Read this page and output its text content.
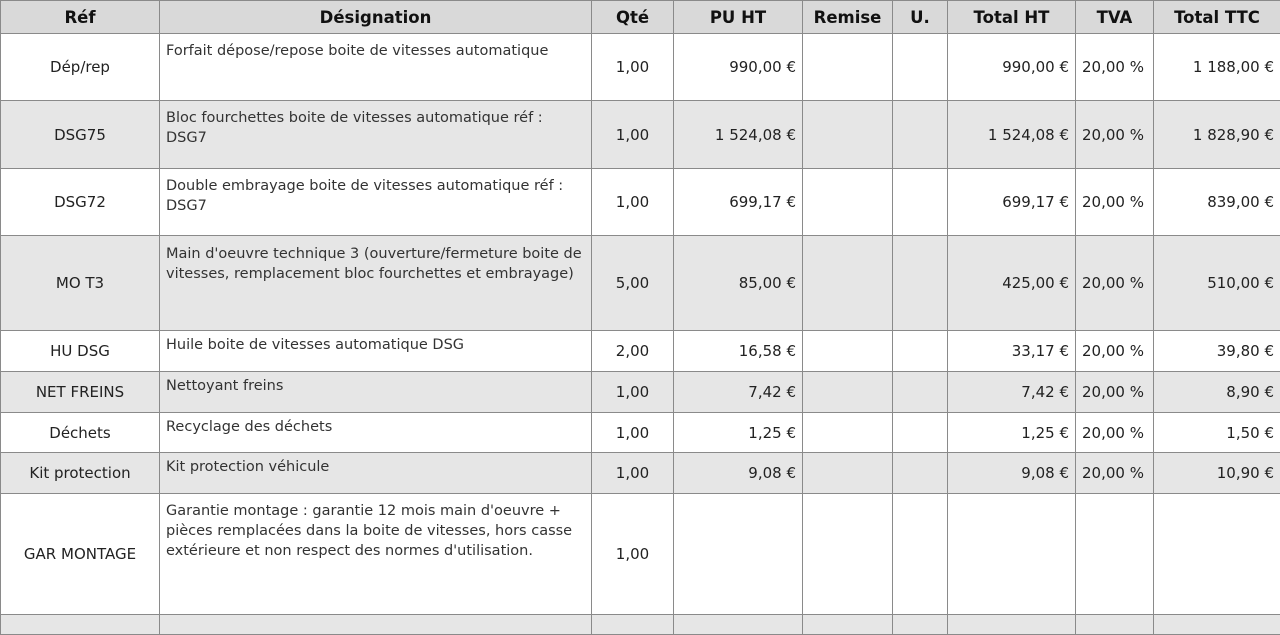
Réf	Désignation	Qté	PU HT	Remise	U.	Total HT	TVA	Total TTC
Dép/rep	Forfait dépose/repose boite de vitesses automatique	1,00	990,00 €			990,00 €	20,00 %	1 188,00 €
DSG75	Bloc fourchettes boite de vitesses automatique réf : DSG7	1,00	1 524,08 €			1 524,08 €	20,00 %	1 828,90 €
DSG72	Double embrayage boite de vitesses automatique réf : DSG7	1,00	699,17 €			699,17 €	20,00 %	839,00 €
MO T3	Main d'oeuvre technique 3 (ouverture/fermeture boite de vitesses, remplacement bloc fourchettes et embrayage)	5,00	85,00 €			425,00 €	20,00 %	510,00 €
HU DSG	Huile boite de vitesses automatique DSG	2,00	16,58 €			33,17 €	20,00 %	39,80 €
NET FREINS	Nettoyant freins	1,00	7,42 €			7,42 €	20,00 %	8,90 €
Déchets	Recyclage des déchets	1,00	1,25 €			1,25 €	20,00 %	1,50 €
Kit protection	Kit protection véhicule	1,00	9,08 €			9,08 €	20,00 %	10,90 €
GAR MONTAGE	Garantie montage : garantie 12 mois main d'oeuvre + pièces remplacées dans la boite de vitesses, hors casse extérieure et non respect des normes d'utilisation.	1,00						
